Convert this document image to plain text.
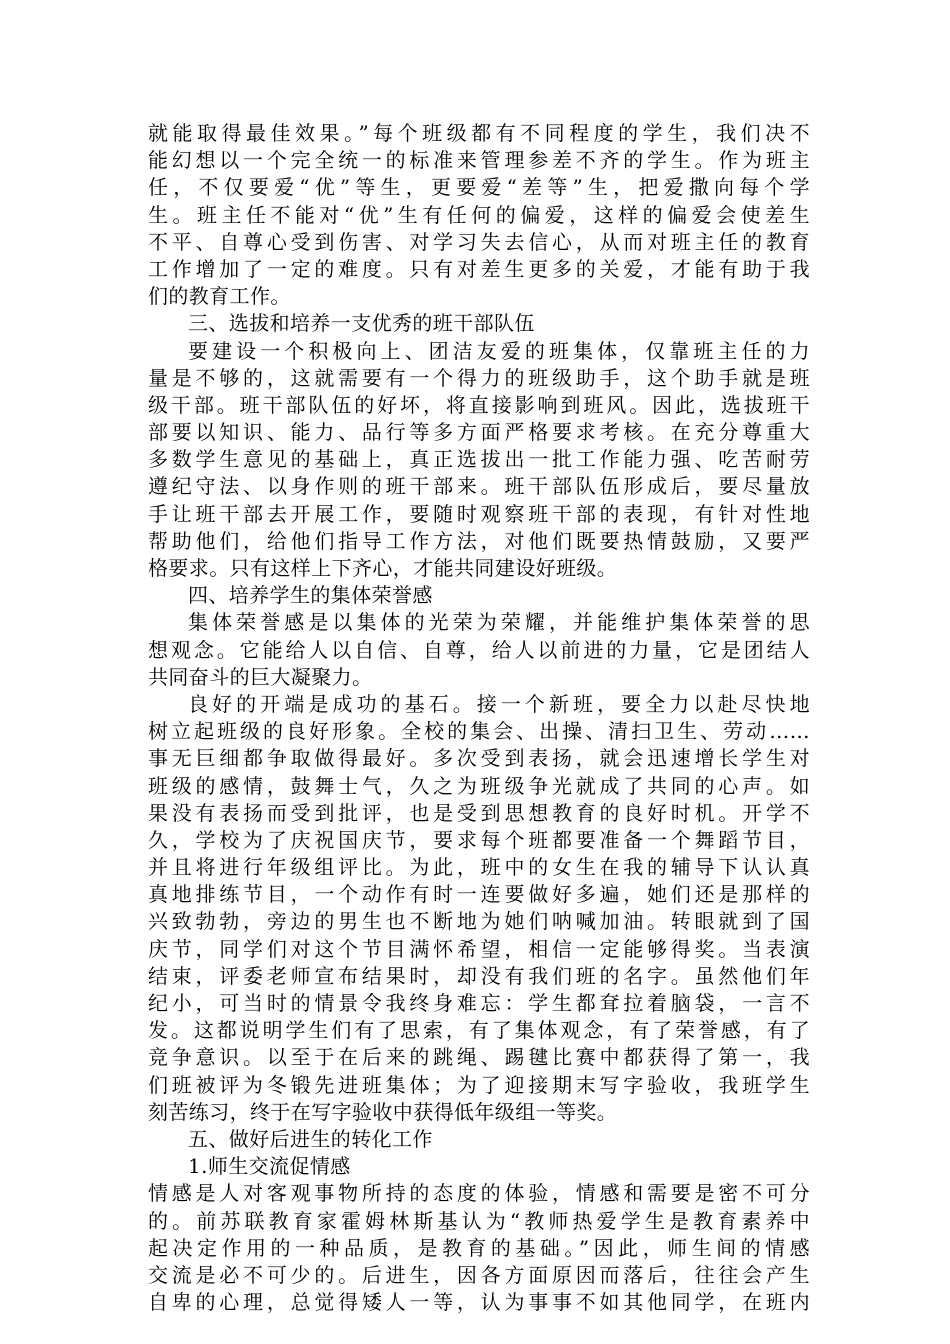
就能取得最佳效果。”每个班级都有不同程度的学生，我们决不
能幻想以一个完全统一的标准来管理参差不齐的学生。作为班主
任，不仅要爱“优”等生，更要爱“差等”生，把爱撒向每个学
生。班主任不能对“优”生有任何的偏爱，这样的偏爱会使差生
不平、自尊心受到伤害、对学习失去信心，从而对班主任的教育
工作增加了一定的难度。只有对差生更多的关爱，才能有助于我
们的教育工作。
三、选拔和培养一支优秀的班干部队伍
要建设一个积极向上、团洁友爱的班集体，仅靠班主任的力
量是不够的，这就需要有一个得力的班级助手，这个助手就是班
级干部。班干部队伍的好坏，将直接影响到班风。因此，选拔班干
部要以知识、能力、品行等多方面严格要求考核。在充分尊重大
多数学生意见的基础上，真正选拔出一批工作能力强、吃苦耐劳
遵纪守法、以身作则的班干部来。班干部队伍形成后，要尽量放
手让班干部去开展工作，要随时观察班干部的表现，有针对性地
帮助他们，给他们指导工作方法，对他们既要热情鼓励，又要严
格要求。只有这样上下齐心，才能共同建设好班级。
四、培养学生的集体荣誉感
集体荣誉感是以集体的光荣为荣耀，并能维护集体荣誉的思
想观念。它能给人以自信、自尊，给人以前进的力量，它是团结人
共同奋斗的巨大凝聚力。
良好的开端是成功的基石。接一个新班，要全力以赴尽快地
树立起班级的良好形象。全校的集会、出操、清扫卫生、劳动……
事无巨细都争取做得最好。多次受到表扬，就会迅速增长学生对
班级的感情，鼓舞士气，久之为班级争光就成了共同的心声。如
果没有表扬而受到批评，也是受到思想教育的良好时机。开学不
久，学校为了庆祝国庆节，要求每个班都要准备一个舞蹈节目，
并且将进行年级组评比。为此，班中的女生在我的辅导下认认真
真地排练节目，一个动作有时一连要做好多遍，她们还是那样的
兴致勃勃，旁边的男生也不断地为她们呐喊加油。转眼就到了国
庆节，同学们对这个节目满怀希望，相信一定能够得奖。当表演
结束，评委老师宣布结果时，却没有我们班的名字。虽然他们年
纪小，可当时的情景令我终身难忘：学生都耷拉着脑袋，一言不
发。这都说明学生们有了思索，有了集体观念，有了荣誉感，有了
竞争意识。以至于在后来的跳绳、踢毽比赛中都获得了第一，我
们班被评为冬锻先进班集体；为了迎接期末写字验收，我班学生
刻苦练习，终于在写字验收中获得低年级组一等奖。
五、做好后进生的转化工作
1.师生交流促情感
情感是人对客观事物所持的态度的体验，情感和需要是密不可分
的。前苏联教育家霍姆林斯基认为“教师热爱学生是教育素养中
起决定作用的一种品质，是教育的基础。”因此，师生间的情感
交流是必不可少的。后进生，因各方面原因而落后，往往会产生
自卑的心理，总觉得矮人一等，认为事事不如其他同学，在班内
